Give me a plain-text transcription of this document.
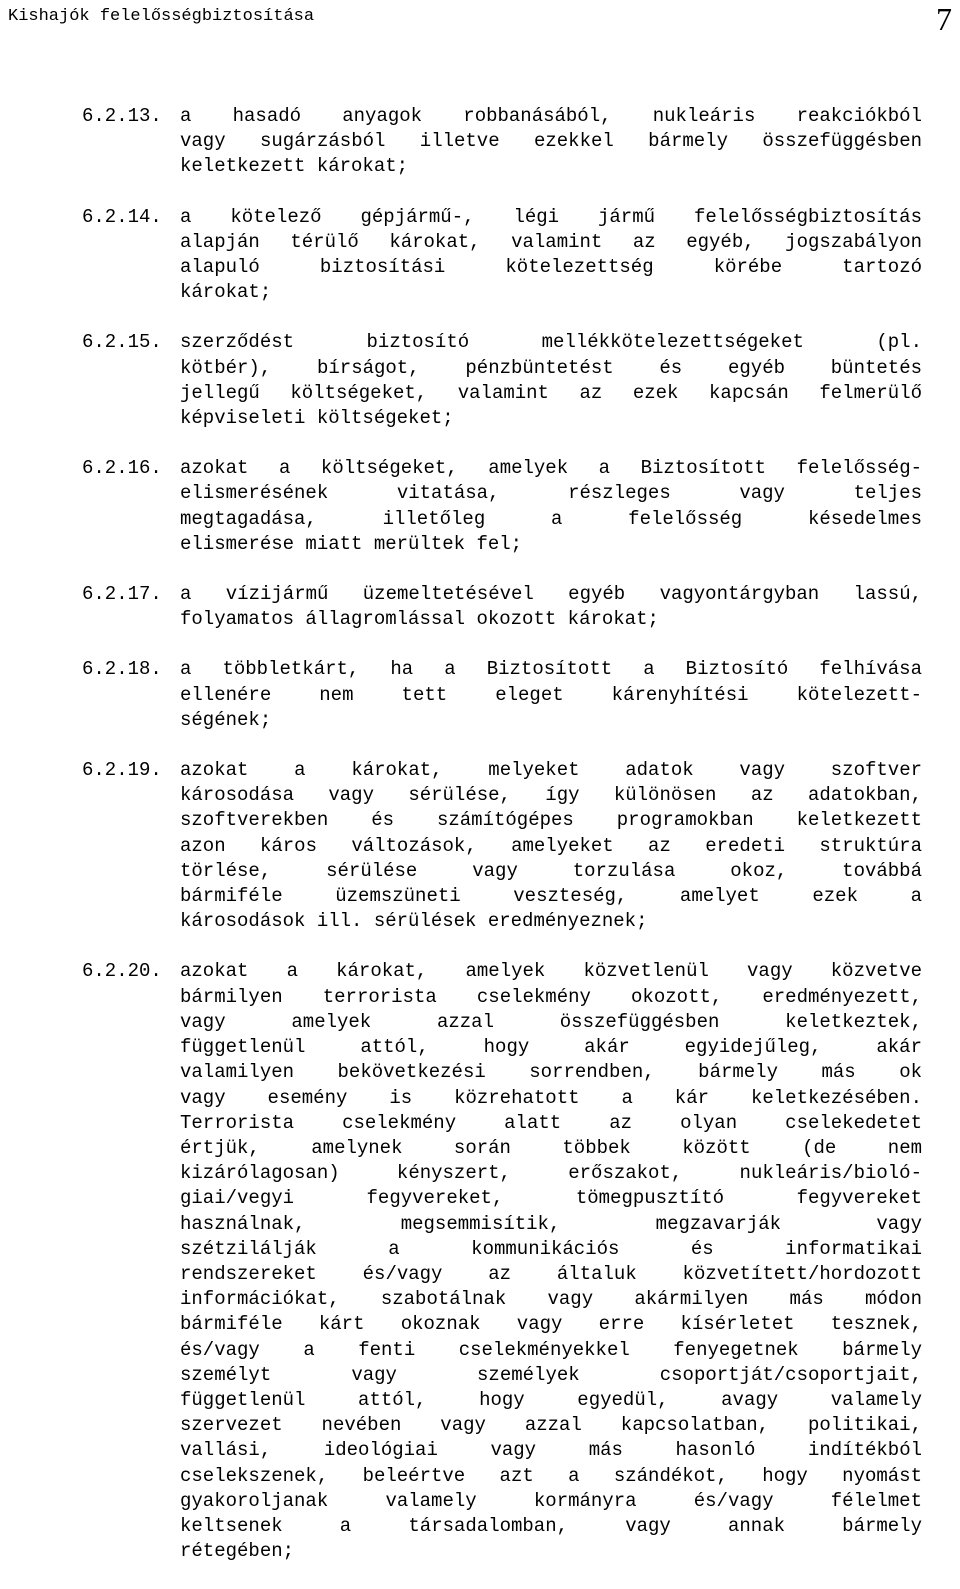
Kishajók felelősségbiztosítása	7
6.2.13. a hasadó anyagok robbanásából, nukleáris reakciókból
vagy sugárzásból illetve ezekkel bármely összefüggésben
keletkezett károkat;
6.2.14. a kötelező gépjármű-, légi jármű felelősségbiztosítás
alapján térülő károkat, valamint az egyéb, jogszabályon
alapuló biztosítási kötelezettség körébe tartozó
károkat;
6.2.15. szerződést biztosító mellékkötelezettségeket (pl.
kötbér), bírságot, pénzbüntetést és egyéb büntetés
jellegű költségeket, valamint az ezek kapcsán felmerülő
képviseleti költségeket;
6.2.16. azokat a költségeket, amelyek a Biztosított felelősség-
elismerésének vitatása, részleges vagy teljes
megtagadása, illetőleg a felelősség késedelmes
elismerése miatt merültek fel;
6.2.17. a vízijármű üzemeltetésével egyéb vagyontárgyban lassú,
folyamatos állagromlással okozott károkat;
6.2.18. a többletkárt, ha a Biztosított a Biztosító felhívása
ellenére nem tett eleget kárenyhítési kötelezett-
ségének;
6.2.19. azokat a károkat, melyeket adatok vagy szoftver
károsodása vagy sérülése, így különösen az adatokban,
szoftverekben és számítógépes programokban keletkezett
azon káros változások, amelyeket az eredeti struktúra
törlése, sérülése vagy torzulása okoz, továbbá
bármiféle üzemszüneti veszteség, amelyet ezek a
károsodások ill. sérülések eredményeznek;
6.2.20. azokat a károkat, amelyek közvetlenül vagy közvetve
bármilyen terrorista cselekmény okozott, eredményezett,
vagy amelyek azzal összefüggésben keletkeztek,
függetlenül attól, hogy akár egyidejűleg, akár
valamilyen bekövetkezési sorrendben, bármely más ok
vagy esemény is közrehatott a kár keletkezésében.
Terrorista cselekmény alatt az olyan cselekedetet
értjük, amelynek során többek között (de nem
kizárólagosan) kényszert, erőszakot, nukleáris/bioló-
giai/vegyi fegyvereket, tömegpusztító fegyvereket
használnak, megsemmisítik, megzavarják vagy
szétzilálják a kommunikációs és informatikai
rendszereket és/vagy az általuk közvetített/hordozott
információkat, szabotálnak vagy akármilyen más módon
bármiféle kárt okoznak vagy erre kísérletet tesznek,
és/vagy a fenti cselekményekkel fenyegetnek bármely
személyt vagy személyek csoportját/csoportjait,
függetlenül attól, hogy egyedül, avagy valamely
szervezet nevében vagy azzal kapcsolatban, politikai,
vallási, ideológiai vagy más hasonló indítékból
cselekszenek, beleértve azt a szándékot, hogy nyomást
gyakoroljanak valamely kormányra és/vagy félelmet
keltsenek a társadalomban, vagy annak bármely
rétegében;
